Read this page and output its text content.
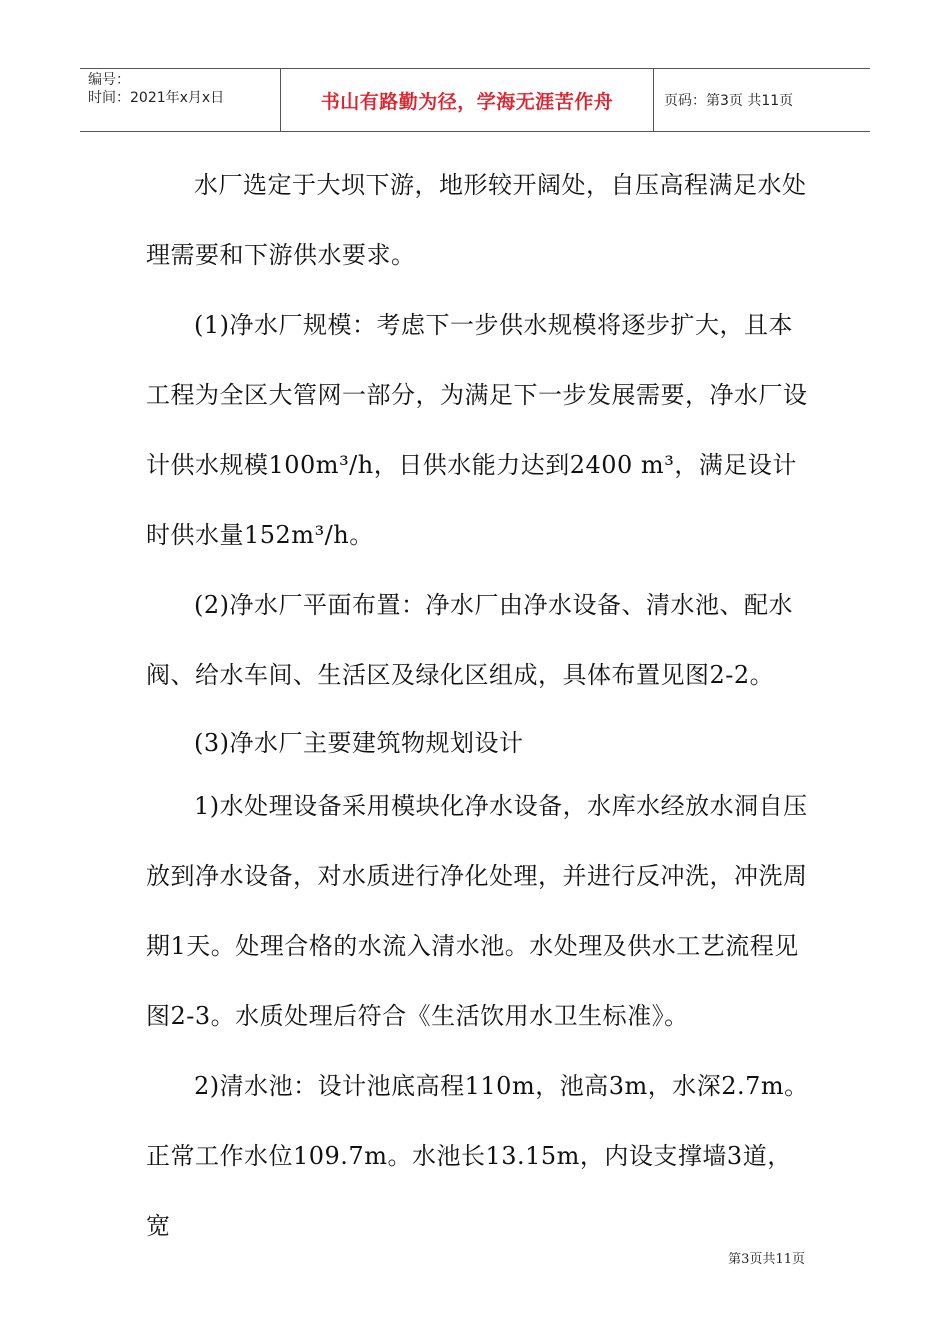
编号：
时间：2021年x月x日	书山有路勤为径，学海无涯苦作舟	页码：第3页 共11页

水厂选定于大坝下游，地形较开阔处，自压高程满足水处理需要和下游供水要求。

(1)净水厂规模：考虑下一步供水规模将逐步扩大，且本工程为全区大管网一部分，为满足下一步发展需要，净水厂设计供水规模100m³/h，日供水能力达到2400 m³，满足设计时供水量152m³/h。

(2)净水厂平面布置：净水厂由净水设备、清水池、配水阀、给水车间、生活区及绿化区组成，具体布置见图2-2。

(3)净水厂主要建筑物规划设计

1)水处理设备采用模块化净水设备，水库水经放水洞自压放到净水设备，对水质进行净化处理，并进行反冲洗，冲洗周期1天。处理合格的水流入清水池。水处理及供水工艺流程见图2-3。水质处理后符合《生活饮用水卫生标准》。

2)清水池：设计池底高程110m，池高3m，水深2.7m。正常工作水位109.7m。水池长13.15m，内设支撑墙3道，宽

第3页共11页
